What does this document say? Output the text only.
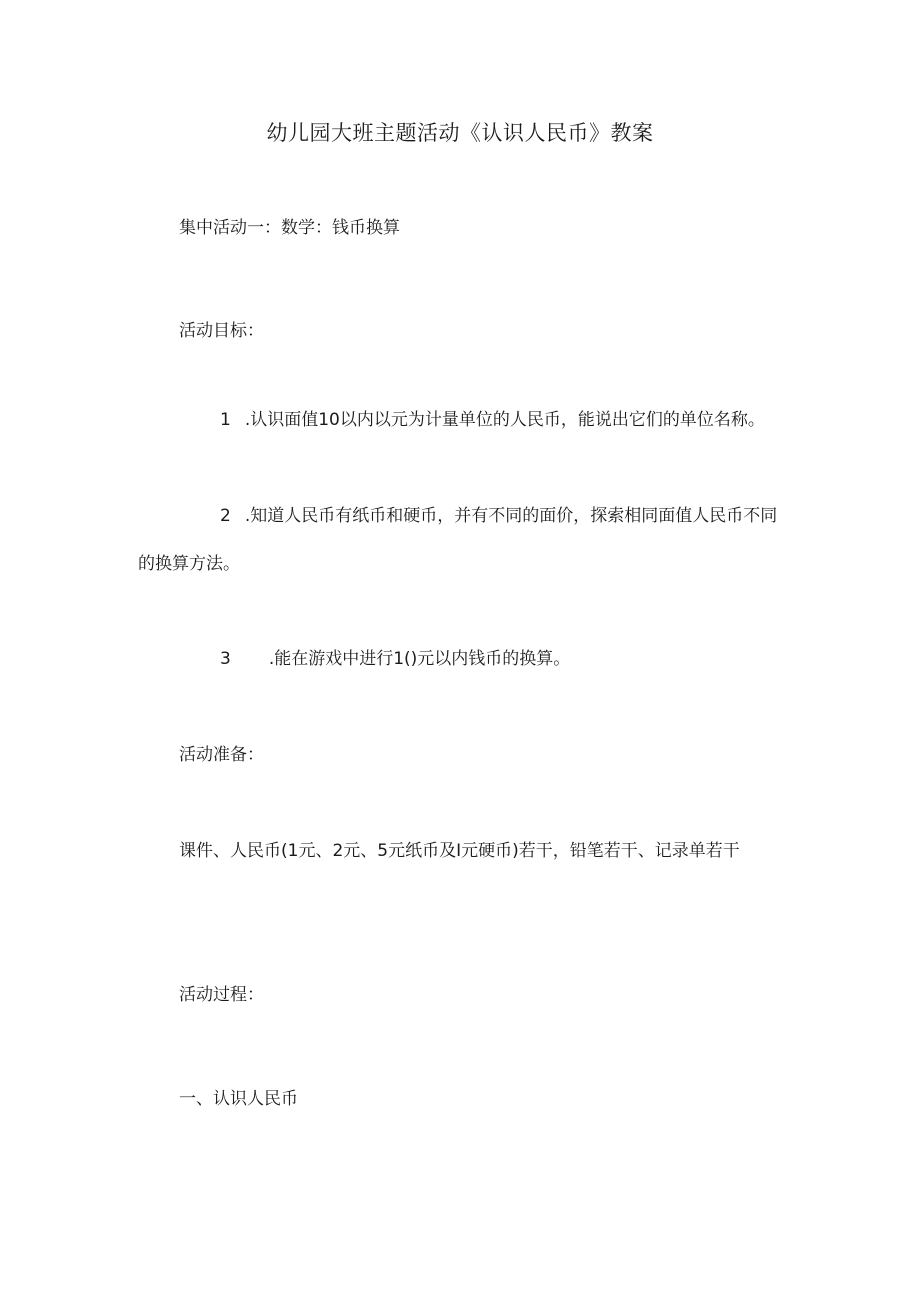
幼儿园大班主题活动《认识人民币》教案

集中活动一：数学：钱币换算

活动目标：

1 .认识面值10以内以元为计量单位的人民币，能说出它们的单位名称。

2 .知道人民币有纸币和硬币，并有不同的面价，探索相同面值人民币不同的换算方法。

3 .能在游戏中进行1()元以内钱币的换算。

活动准备：

课件、人民币(1元、2元、5元纸币及I元硬币)若干，铅笔若干、记录单若干

活动过程：

一、认识人民币
